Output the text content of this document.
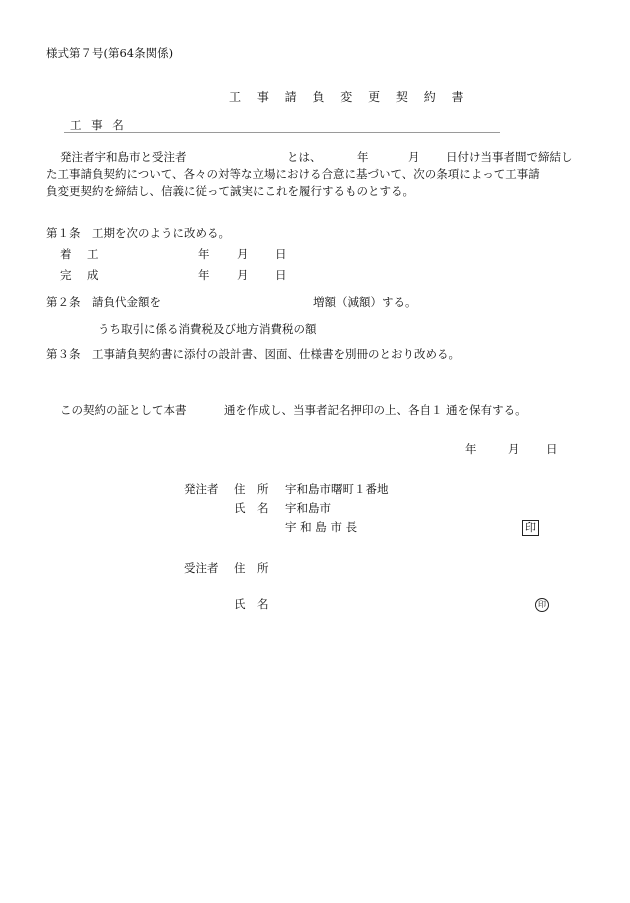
様式第７号(第64条関係)
工 事 請 負 変 更 契 約 書
工 事 名
発注者宇和島市と受注者	とは、	年	月 日付け当事者間で締結し
た工事請負契約について、各々の対等な立場における合意に基づいて、次の条項によって工事請
負変更契約を締結し、信義に従って誠実にこれを履行するものとする。
第１条　工期を次のように改める。
着　工	年 月 日
完　成	年 月 日
第２条　請負代金額を	増額（減額）する。
うち取引に係る消費税及び地方消費税の額
第３条　工事請負契約書に添付の設計書、図面、仕様書を別冊のとおり改める。
この契約の証として本書	通を作成し、当事者記名押印の上、各自１ 通を保有する。
年	月 日
発注者 住　所 宇和島市曙町１番地
氏　名 宇和島市
宇 和 島 市 長	印
受注者 住　所
氏　名	印
